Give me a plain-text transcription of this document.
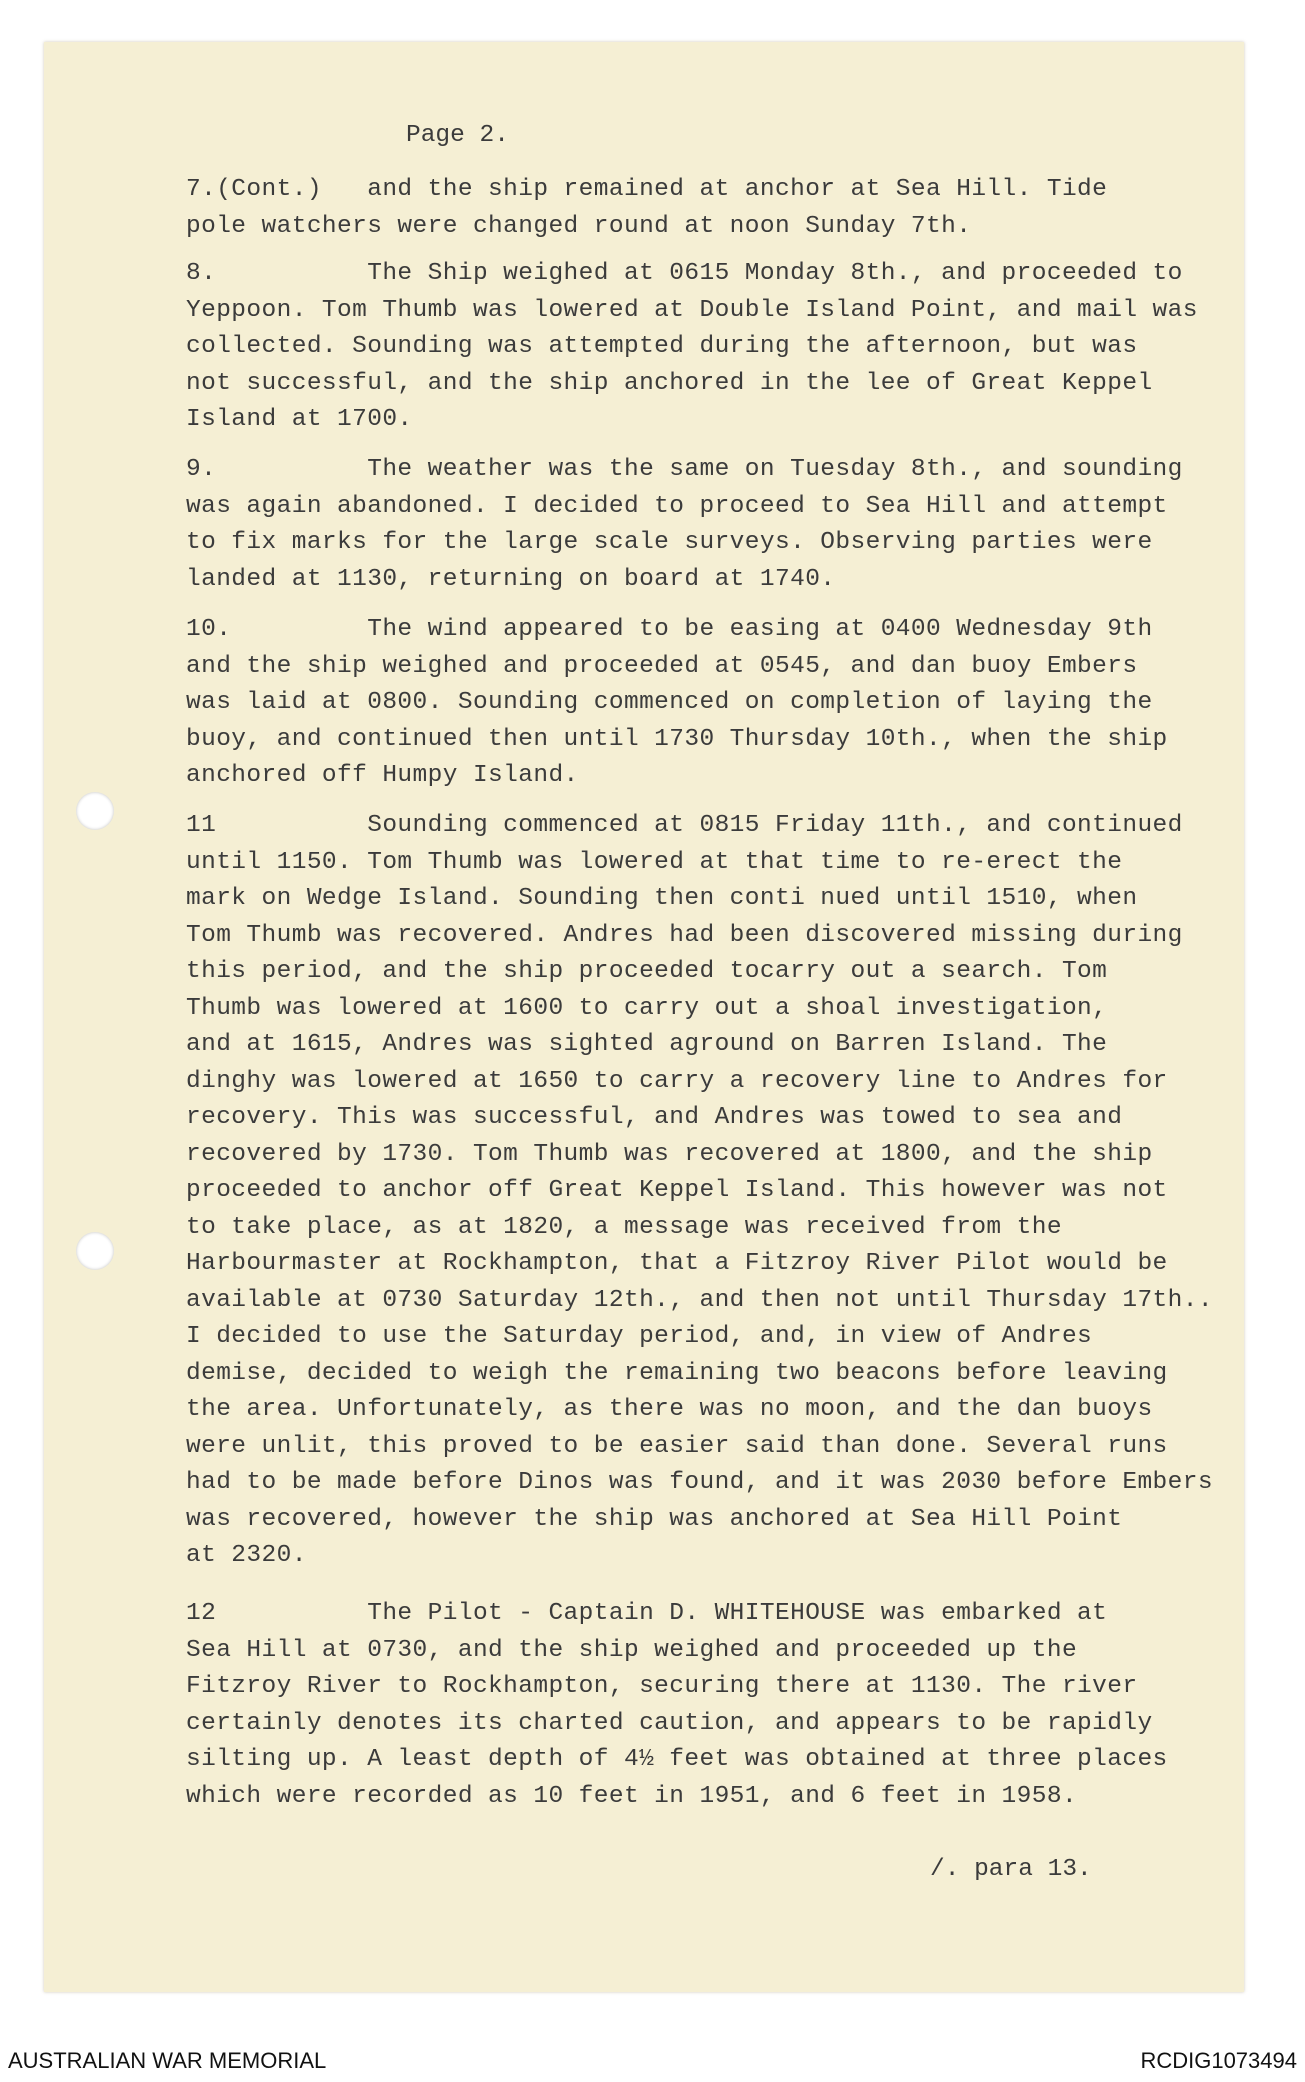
Page 2.
7.(Cont.)   and the ship remained at anchor at Sea Hill. Tide
pole watchers were changed round at noon Sunday 7th.
8.          The Ship weighed at 0615 Monday 8th., and proceeded to
Yeppoon. Tom Thumb was lowered at Double Island Point, and mail was
collected. Sounding was attempted during the afternoon, but was
not successful, and the ship anchored in the lee of Great Keppel
Island at 1700.
9.          The weather was the same on Tuesday 8th., and sounding
was again abandoned. I decided to proceed to Sea Hill and attempt
to fix marks for the large scale surveys. Observing parties were
landed at 1130, returning on board at 1740.
10.         The wind appeared to be easing at 0400 Wednesday 9th
and the ship weighed and proceeded at 0545, and dan buoy Embers
was laid at 0800. Sounding commenced on completion of laying the
buoy, and continued then until 1730 Thursday 10th., when the ship
anchored off Humpy Island.
11          Sounding commenced at 0815 Friday 11th., and continued
until 1150. Tom Thumb was lowered at that time to re-erect the
mark on Wedge Island. Sounding then conti nued until 1510, when
Tom Thumb was recovered. Andres had been discovered missing during
this period, and the ship proceeded tocarry out a search. Tom
Thumb was lowered at 1600 to carry out a shoal investigation,
and at 1615, Andres was sighted aground on Barren Island. The
dinghy was lowered at 1650 to carry a recovery line to Andres for
recovery. This was successful, and Andres was towed to sea and
recovered by 1730. Tom Thumb was recovered at 1800, and the ship
proceeded to anchor off Great Keppel Island. This however was not
to take place, as at 1820, a message was received from the
Harbourmaster at Rockhampton, that a Fitzroy River Pilot would be
available at 0730 Saturday 12th., and then not until Thursday 17th..
I decided to use the Saturday period, and, in view of Andres
demise, decided to weigh the remaining two beacons before leaving
the area. Unfortunately, as there was no moon, and the dan buoys
were unlit, this proved to be easier said than done. Several runs
had to be made before Dinos was found, and it was 2030 before Embers
was recovered, however the ship was anchored at Sea Hill Point
at 2320.
12          The Pilot - Captain D. WHITEHOUSE was embarked at
Sea Hill at 0730, and the ship weighed and proceeded up the
Fitzroy River to Rockhampton, securing there at 1130. The river
certainly denotes its charted caution, and appears to be rapidly
silting up. A least depth of 4½ feet was obtained at three places
which were recorded as 10 feet in 1951, and 6 feet in 1958.
/. para 13.
AUSTRALIAN WAR MEMORIAL	RCDIG1073494
